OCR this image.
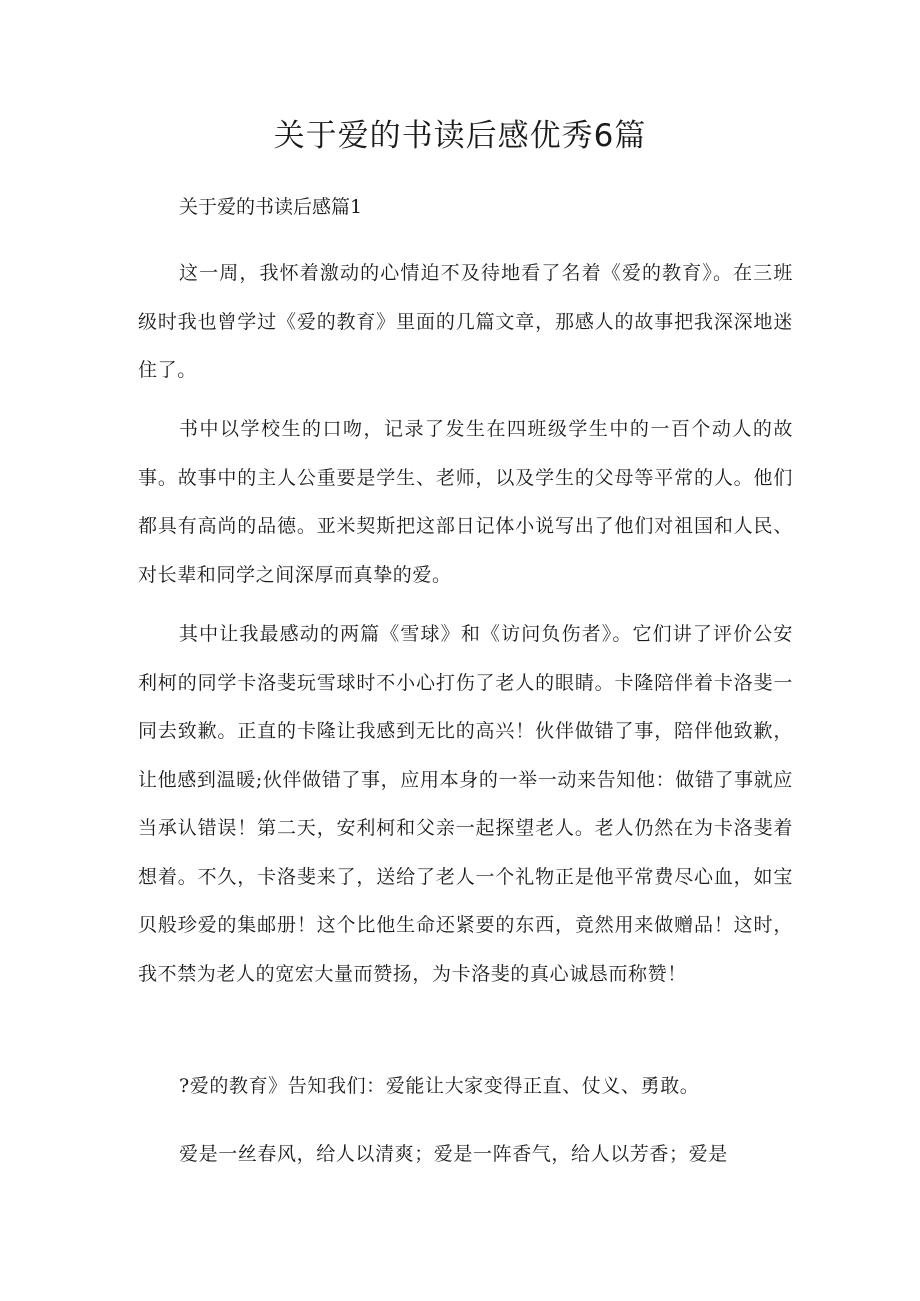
关于爱的书读后感优秀6篇

关于爱的书读后感篇1

这一周，我怀着激动的心情迫不及待地看了名着《爱的教育》。在三班级时我也曾学过《爱的教育》里面的几篇文章，那感人的故事把我深深地迷住了。

书中以学校生的口吻，记录了发生在四班级学生中的一百个动人的故事。故事中的主人公重要是学生、老师，以及学生的父母等平常的人。他们都具有高尚的品德。亚米契斯把这部日记体小说写出了他们对祖国和人民、对长辈和同学之间深厚而真挚的爱。

其中让我最感动的两篇《雪球》和《访问负伤者》。它们讲了评价公安利柯的同学卡洛斐玩雪球时不小心打伤了老人的眼睛。卡隆陪伴着卡洛斐一同去致歉。正直的卡隆让我感到无比的高兴！伙伴做错了事，陪伴他致歉，让他感到温暖;伙伴做错了事，应用本身的一举一动来告知他：做错了事就应当承认错误！第二天，安利柯和父亲一起探望老人。老人仍然在为卡洛斐着想着。不久，卡洛斐来了，送给了老人一个礼物正是他平常费尽心血，如宝贝般珍爱的集邮册！这个比他生命还紧要的东西，竟然用来做赠品！这时，我不禁为老人的宽宏大量而赞扬，为卡洛斐的真心诚恳而称赞！

?爱的教育》告知我们：爱能让大家变得正直、仗义、勇敢。

爱是一丝春风，给人以清爽；爱是一阵香气，给人以芳香；爱是
